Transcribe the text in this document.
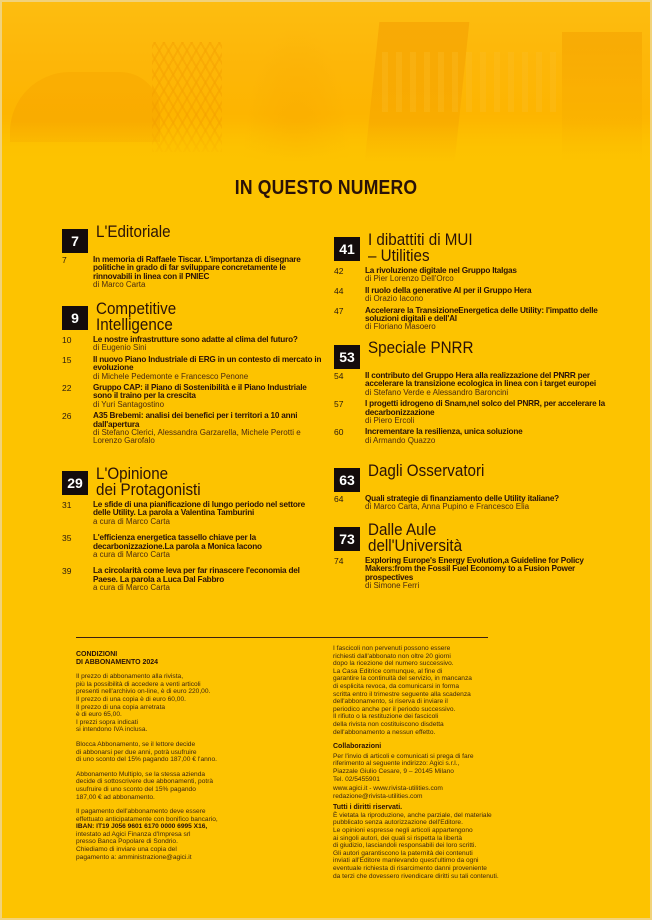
IN QUESTO NUMERO
7	L'Editoriale
7	In memoria di Raffaele Tiscar. L'importanza di disegnare politiche in grado di far sviluppare concretamente le rinnovabili in linea con il PNIEC
di Marco Carta
9	Competitive
Intelligence
10	Le nostre infrastrutture sono adatte al clima del futuro?
di Eugenio Sini
15	Il nuovo Piano Industriale di ERG in un contesto di mercato in evoluzione
di Michele Pedemonte e Francesco Penone
22	Gruppo CAP: il Piano di Sostenibilità e il Piano Industriale sono il traino per la crescita
di Yuri Santagostino
26	A35 Brebemi: analisi dei benefici per i territori a 10 anni dall'apertura
di Stefano Clerici, Alessandra Garzarella, Michele Perotti e Lorenzo Garofalo
29 L'Opinione
dei Protagonisti
31	Le sfide di una pianificazione di lungo periodo nel settore delle Utility. La parola a Valentina Tamburini
a cura di Marco Carta
35	L'efficienza energetica tassello chiave per la decarbonizzazione.La parola a Monica Iacono
a cura di Marco Carta
39	La circolarità come leva per far rinascere l'economia del Paese. La parola a Luca Dal Fabbro
a cura di Marco Carta
41 I dibattiti di MUI
– Utilities
42	La rivoluzione digitale nel Gruppo Italgas
di Pier Lorenzo Dell'Orco
44	Il ruolo della generative AI per il Gruppo Hera
di Orazio Iacono
47	Accelerare la TransizioneEnergetica delle Utility: l'impatto delle soluzioni digitali e dell'AI
di Floriano Masoero
53 Speciale PNRR
54	Il contributo del Gruppo Hera alla realizzazione del PNRR per accelerare la transizione ecologica in linea con i target europei
di Stefano Verde e Alessandro Baroncini
57	I progetti idrogeno di Snam,nel solco del PNRR, per accelerare la decarbonizzazione
di Piero Ercoli
60	Incrementare la resilienza, unica soluzione
di Armando Quazzo
63 Dagli Osservatori
64	Quali strategie di finanziamento delle Utility italiane?
di Marco Carta, Anna Pupino e Francesco Elia
73 Dalle Aule
dell'Università
74	Exploring Europe's Energy Evolution,a Guideline for Policy Makers:from the Fossil Fuel Economy to a Fusion Power prospectives
di Simone Ferri

CONDIZIONI
DI ABBONAMENTO 2024

Il prezzo di abbonamento alla rivista,
più la possibilità di accedere a venti articoli
presenti nell'archivio on-line, è di euro 220,00.
Il prezzo di una copia è di euro 60,00.
Il prezzo di una copia arretrata
è di euro 65,00.
I prezzi sopra indicati
si intendono IVA inclusa.

Blocca Abbonamento, se il lettore decide
di abbonarsi per due anni, potrà usufruire
di uno sconto del 15% pagando 187,00 € l'anno.

Abbonamento Multiplo, se la stessa azienda
decide di sottoscrivere due abbonamenti, potrà
usufruire di uno sconto del 15% pagando
187,00 € ad abbonamento.

Il pagamento dell'abbonamento deve essere
effettuato anticipatamente con bonifico bancario,
IBAN: IT19 J056 9601 6170 0000 6995 X16,
intestato ad Agici Finanza d'Impresa srl
presso Banca Popolare di Sondrio.
Chiediamo di inviare una copia del
pagamento a: amministrazione@agici.it

I fascicoli non pervenuti possono essere
richiesti dall'abbonato non oltre 20 giorni
dopo la ricezione del numero successivo.
La Casa Editrice comunque, al fine di
garantire la continuità del servizio, in mancanza
di esplicita revoca, da comunicarsi in forma
scritta entro il trimestre seguente alla scadenza
dell'abbonamento, si riserva di inviare il
periodico anche per il periodo successivo.
Il rifiuto o la restituzione dei fascicoli
della rivista non costituiscono disdetta
dell'abbonamento a nessun effetto.

Collaborazioni
Per l'invio di articoli e comunicati si prega di fare
riferimento al seguente indirizzo: Agici s.r.l.,
Piazzale Giulio Cesare, 9 – 20145 Milano
Tel. 02/5455901

www.agici.it - www.rivista-utilities.com
redazione@rivista-utilities.com
Tutti i diritti riservati.
È vietata la riproduzione, anche parziale, del materiale
pubblicato senza autorizzazione dell'Editore.
Le opinioni espresse negli articoli appartengono
ai singoli autori, dei quali si rispetta la libertà
di giudizio, lasciandoli responsabili dei loro scritti.
Gli autori garantiscono la paternità dei contenuti
inviati all'Editore manlevando quest'ultimo da ogni
eventuale richiesta di risarcimento danni proveniente
da terzi che dovessero rivendicare diritti su tali contenuti.
